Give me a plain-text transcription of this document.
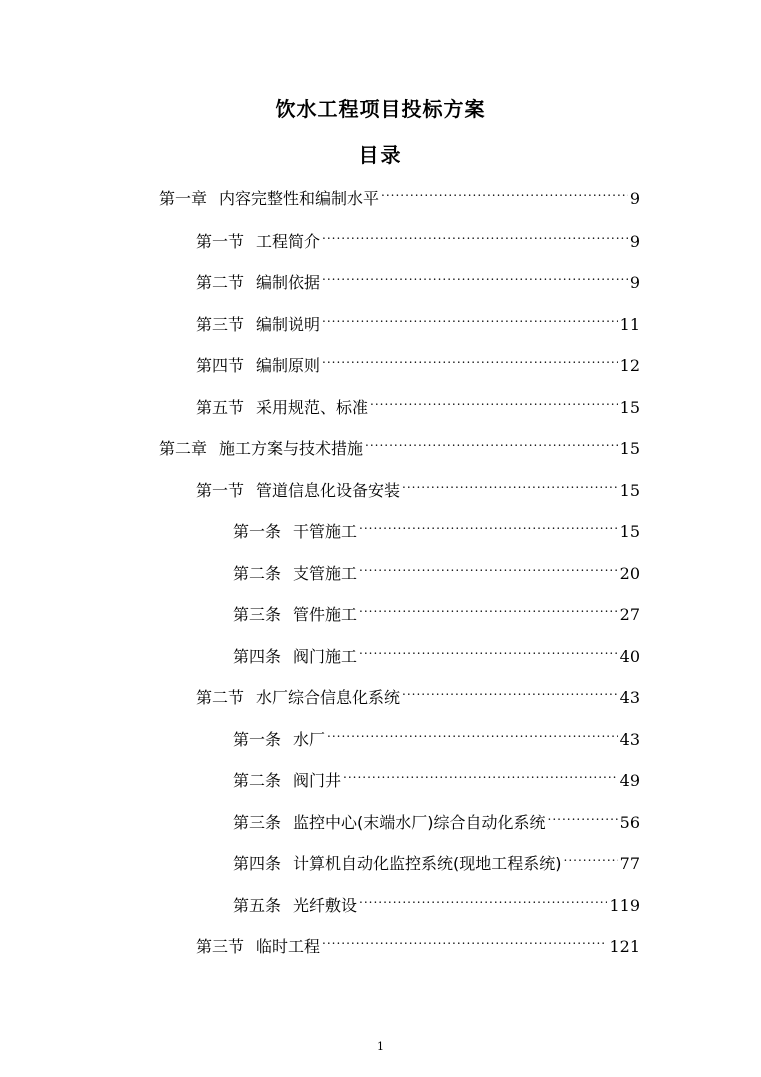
饮水工程项目投标方案
目录
第一章 内容完整性和编制水平 .....	9
第一节 工程简介 .....	9
第二节 编制依据 .....	9
第三节 编制说明 .....	11
第四节 编制原则 .....	12
第五节 采用规范、标准 .....	15
第二章 施工方案与技术措施 .....	15
第一节 管道信息化设备安装 .....	15
第一条 干管施工 .....	15
第二条 支管施工 .....	20
第三条 管件施工 .....	27
第四条 阀门施工 .....	40
第二节 水厂综合信息化系统 .....	43
第一条 水厂 .....	43
第二条 阀门井 .....	49
第三条 监控中心(末端水厂)综合自动化系统 .....	56
第四条 计算机自动化监控系统(现地工程系统) .....	77
第五条 光纤敷设 .....	119
第三节 临时工程 .....	121
1
